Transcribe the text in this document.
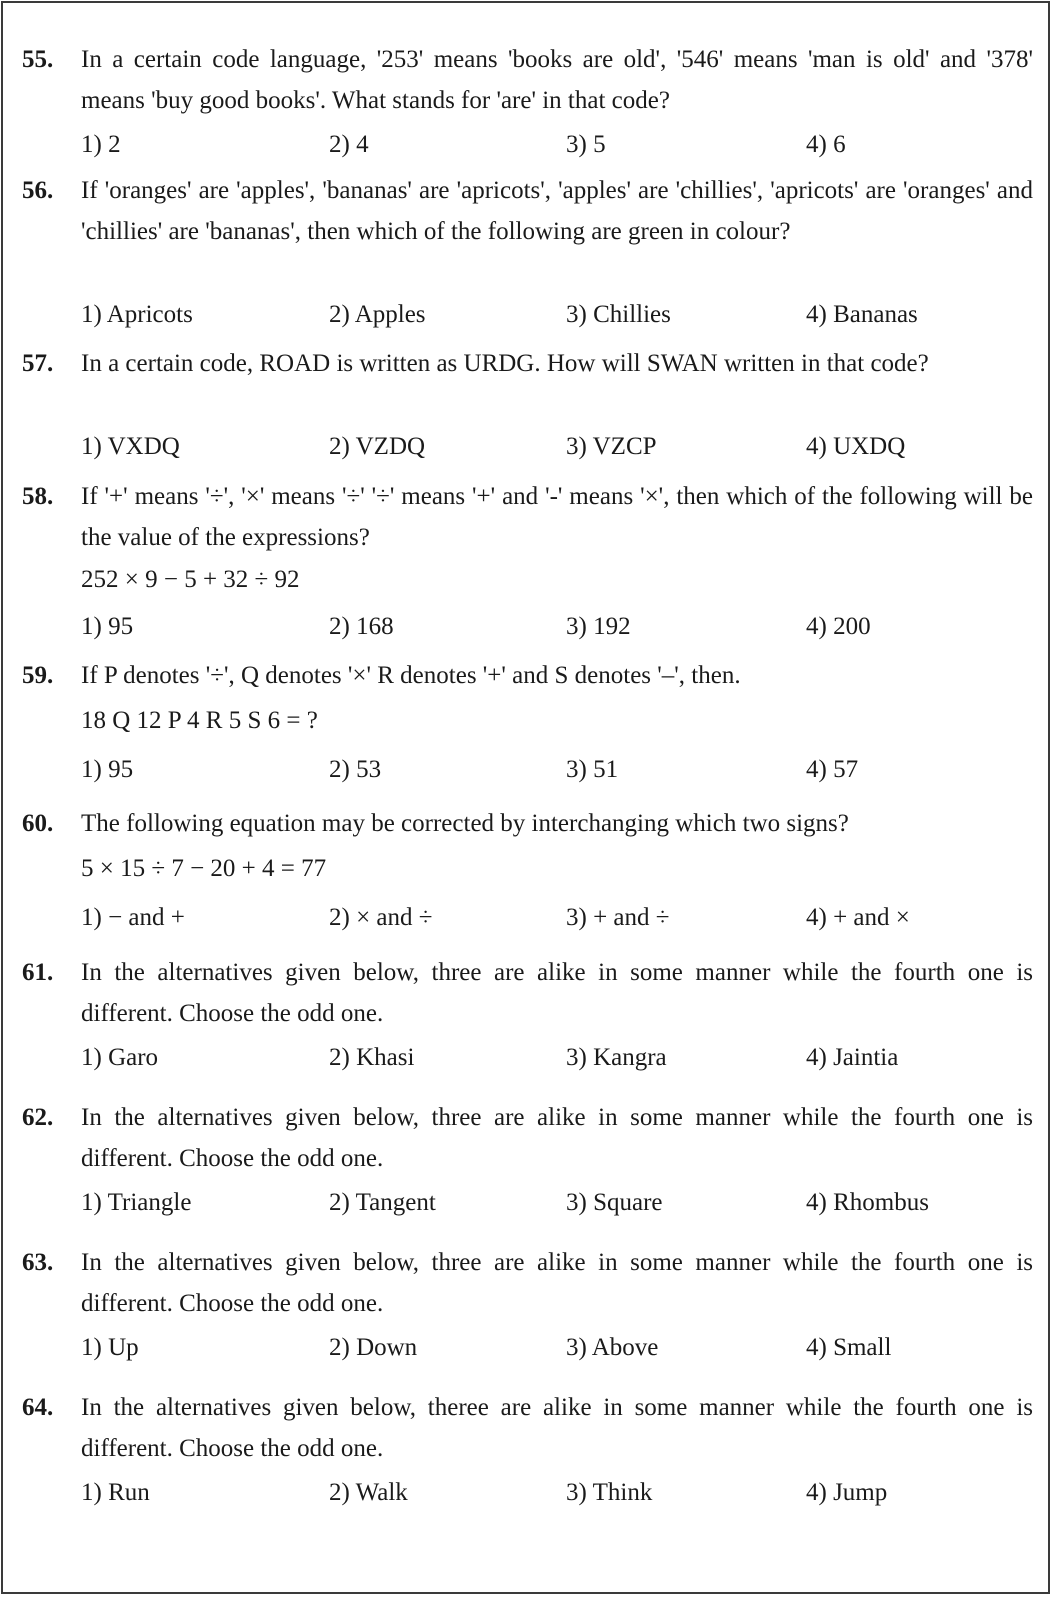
55. In a certain code language, '253' means 'books are old', '546' means 'man is old' and '378' means 'buy good books'. What stands for 'are' in that code?
1) 2	2) 4	3) 5	4) 6
56. If 'oranges' are 'apples', 'bananas' are 'apricots', 'apples' are 'chillies', 'apricots' are 'oranges' and 'chillies' are 'bananas', then which of the following are green in colour?
1) Apricots	2) Apples	3) Chillies	4) Bananas
57. In a certain code, ROAD is written as URDG. How will SWAN written in that code?
1) VXDQ	2) VZDQ	3) VZCP	4) UXDQ
58. If '+' means '÷', '×' means '÷' '÷' means '+' and '-' means '×', then which of the following will be the value of the expressions?
252 × 9 − 5 + 32 ÷ 92
1) 95	2) 168	3) 192	4) 200
59. If P denotes '÷', Q denotes '×' R denotes '+' and S denotes '–', then.
18 Q 12 P 4 R 5 S 6 = ?
1) 95	2) 53	3) 51	4) 57
60. The following equation may be corrected by interchanging which two signs?
5 × 15 ÷ 7 − 20 + 4 = 77
1) − and +	2) × and ÷	3) + and ÷	4) + and ×
61. In the alternatives given below, three are alike in some manner while the fourth one is different. Choose the odd one.
1) Garo	2) Khasi	3) Kangra	4) Jaintia
62. In the alternatives given below, three are alike in some manner while the fourth one is different. Choose the odd one.
1) Triangle	2) Tangent	3) Square	4) Rhombus
63. In the alternatives given below, three are alike in some manner while the fourth one is different. Choose the odd one.
1) Up	2) Down	3) Above	4) Small
64. In the alternatives given below, theree are alike in some manner while the fourth one is different. Choose the odd one.
1) Run	2) Walk	3) Think	4) Jump
